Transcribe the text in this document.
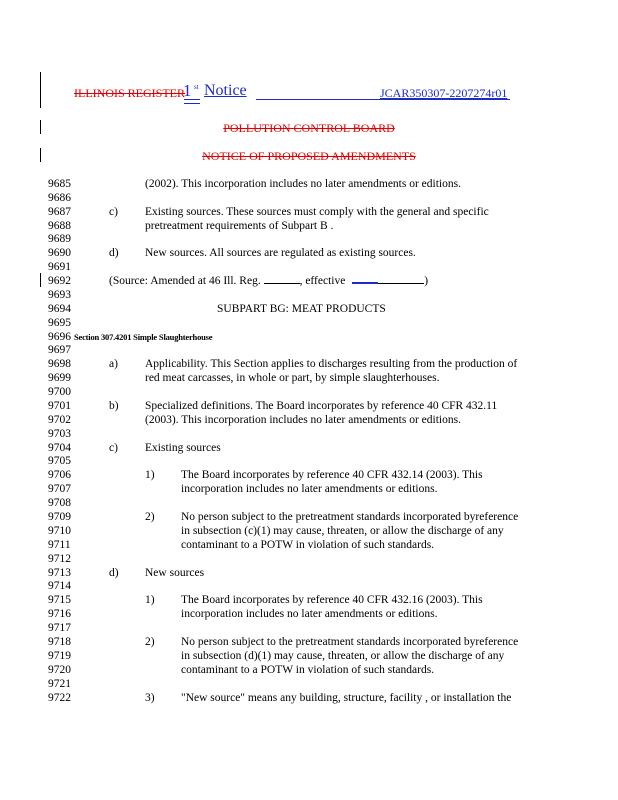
ILLINOIS REGISTER
1 st Notice	JCAR350307-2207274r01
POLLUTION CONTROL BOARD
NOTICE OF PROPOSED AMENDMENTS
9685
9686
9687
9688
9689
9690
9691
9692
9693
9694
9695
9696
9697
9698
9699
9700
9701
9702
9703
9704
9705
9706
9707
9708
9709
9710
9711
9712
9713
9714
9715
9716
9717
9718
9719
9720
9721
9722
(2002). This incorporation includes no later amendments or editions.
c) Existing sources. These sources must comply with the general and specific
pretreatment requirements of Subpart B .
d) New sources. All sources are regulated as existing sources.
(Source: Amended at 46 Ill. Reg.	, effective	)
SUBPART BG: MEAT PRODUCTS
Section 307.4201 Simple Slaughterhouse
a) Applicability. This Section applies to discharges resulting from the production of
red meat carcasses, in whole or part, by simple slaughterhouses.
b) Specialized definitions. The Board incorporates by reference 40 CFR 432.11
(2003). This incorporation includes no later amendments or editions.
c) Existing sources
1) The Board incorporates by reference 40 CFR 432.14 (2003). This
incorporation includes no later amendments or editions.
2) No person subject to the pretreatment standards incorporated byreference
in subsection (c)(1) may cause, threaten, or allow the discharge of any
contaminant to a POTW in violation of such standards.
d) New sources
1) The Board incorporates by reference 40 CFR 432.16 (2003). This
incorporation includes no later amendments or editions.
2) No person subject to the pretreatment standards incorporated byreference
in subsection (d)(1) may cause, threaten, or allow the discharge of any
contaminant to a POTW in violation of such standards.
3) "New source" means any building, structure, facility , or installation the
